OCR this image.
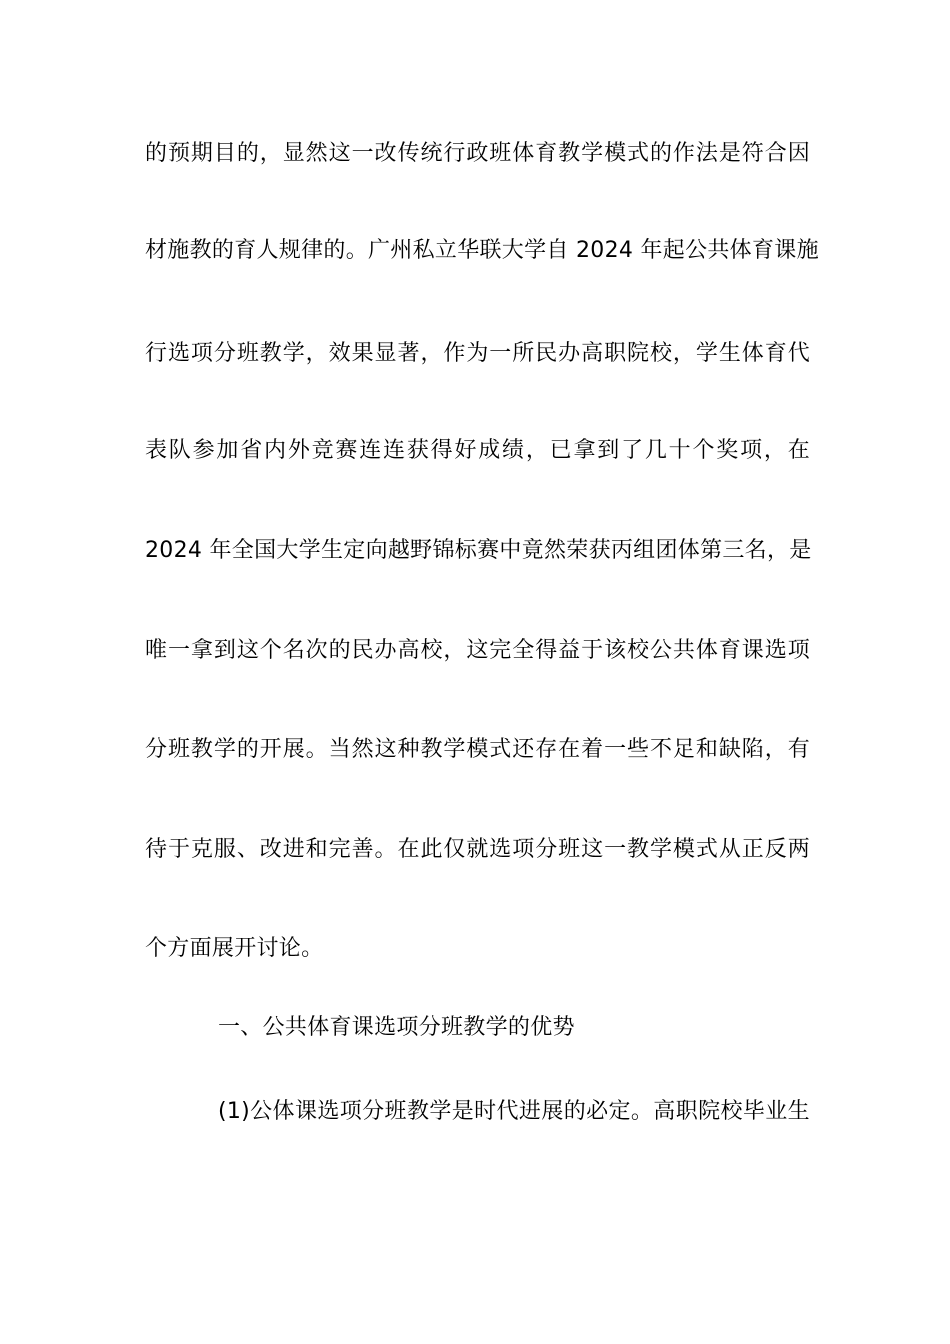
的预期目的，显然这一改传统行政班体育教学模式的作法是符合因
材施教的育人规律的。广州私立华联大学自 2024 年起公共体育课施
行选项分班教学，效果显著，作为一所民办高职院校，学生体育代
表队参加省内外竞赛连连获得好成绩，已拿到了几十个奖项，在
2024 年全国大学生定向越野锦标赛中竟然荣获丙组团体第三名，是
唯一拿到这个名次的民办高校，这完全得益于该校公共体育课选项
分班教学的开展。当然这种教学模式还存在着一些不足和缺陷，有
待于克服、改进和完善。在此仅就选项分班这一教学模式从正反两
个方面展开讨论。
一、公共体育课选项分班教学的优势
(1)公体课选项分班教学是时代进展的必定。高职院校毕业生
